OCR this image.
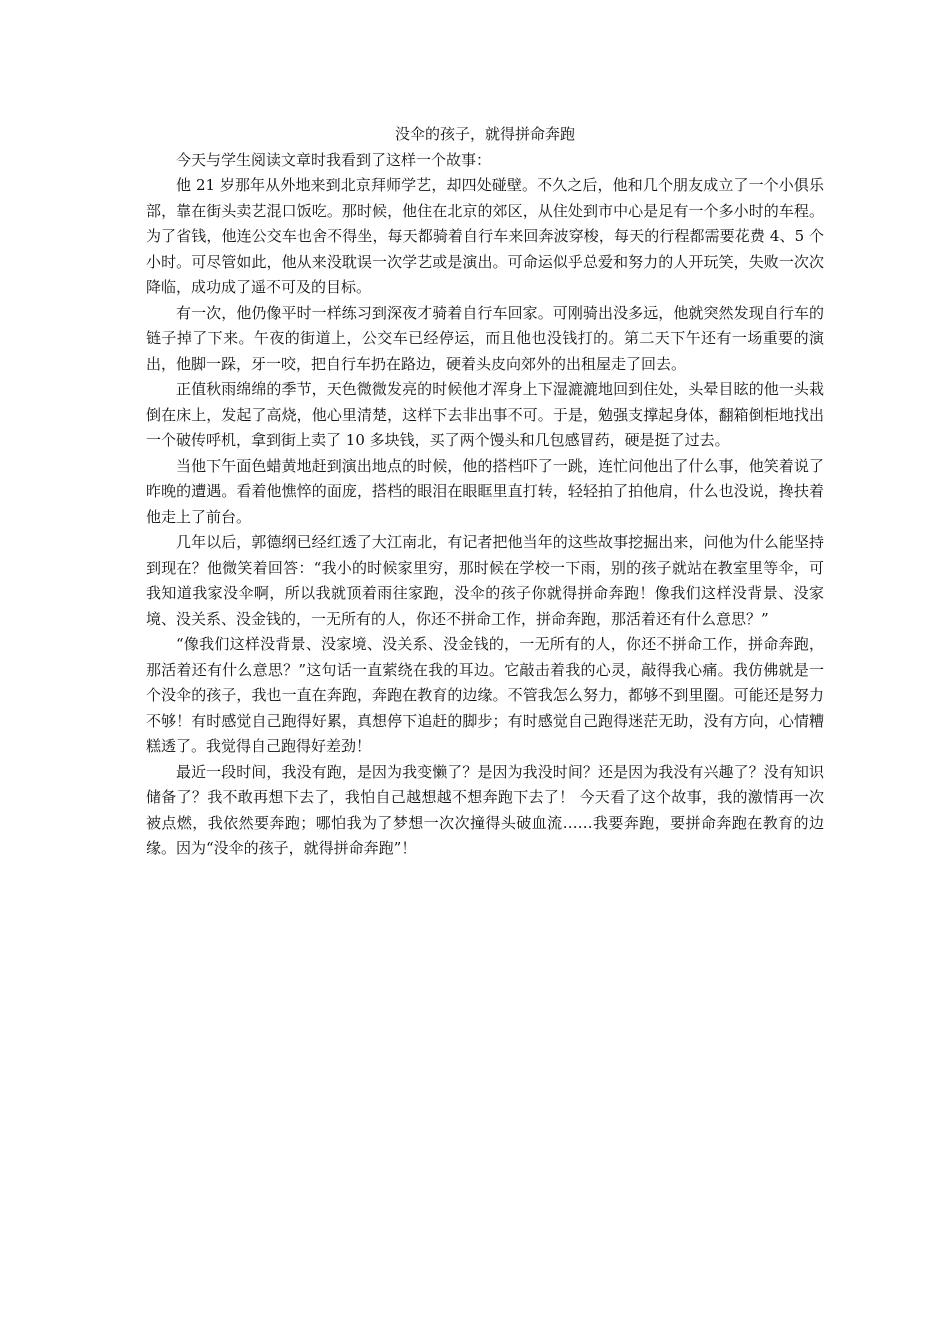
没伞的孩子，就得拼命奔跑

今天与学生阅读文章时我看到了这样一个故事：

他 21 岁那年从外地来到北京拜师学艺，却四处碰壁。不久之后，他和几个朋友成立了一个小俱乐部，靠在街头卖艺混口饭吃。那时候，他住在北京的郊区，从住处到市中心是足有一个多小时的车程。为了省钱，他连公交车也舍不得坐，每天都骑着自行车来回奔波穿梭，每天的行程都需要花费 4、5 个小时。可尽管如此，他从来没耽误一次学艺或是演出。可命运似乎总爱和努力的人开玩笑，失败一次次降临，成功成了遥不可及的目标。

有一次，他仍像平时一样练习到深夜才骑着自行车回家。可刚骑出没多远，他就突然发现自行车的链子掉了下来。午夜的街道上，公交车已经停运，而且他也没钱打的。第二天下午还有一场重要的演出，他脚一跺，牙一咬，把自行车扔在路边，硬着头皮向郊外的出租屋走了回去。

正值秋雨绵绵的季节，天色微微发亮的时候他才浑身上下湿漉漉地回到住处，头晕目眩的他一头栽倒在床上，发起了高烧，他心里清楚，这样下去非出事不可。于是，勉强支撑起身体，翻箱倒柜地找出一个破传呼机，拿到街上卖了 10 多块钱，买了两个馒头和几包感冒药，硬是挺了过去。

当他下午面色蜡黄地赶到演出地点的时候，他的搭档吓了一跳，连忙问他出了什么事，他笑着说了昨晚的遭遇。看着他憔悴的面庞，搭档的眼泪在眼眶里直打转，轻轻拍了拍他肩，什么也没说，搀扶着他走上了前台。

几年以后，郭德纲已经红透了大江南北，有记者把他当年的这些故事挖掘出来，问他为什么能坚持到现在？他微笑着回答：“我小的时候家里穷，那时候在学校一下雨，别的孩子就站在教室里等伞，可我知道我家没伞啊，所以我就顶着雨往家跑，没伞的孩子你就得拼命奔跑！像我们这样没背景、没家境、没关系、没金钱的，一无所有的人，你还不拼命工作，拼命奔跑，那活着还有什么意思？”

“像我们这样没背景、没家境、没关系、没金钱的，一无所有的人，你还不拼命工作，拼命奔跑，那活着还有什么意思？”这句话一直萦绕在我的耳边。它敲击着我的心灵，敲得我心痛。我仿佛就是一个没伞的孩子，我也一直在奔跑，奔跑在教育的边缘。不管我怎么努力，都够不到里圈。可能还是努力不够！有时感觉自己跑得好累，真想停下追赶的脚步；有时感觉自己跑得迷茫无助，没有方向，心情糟糕透了。我觉得自己跑得好差劲！

最近一段时间，我没有跑，是因为我变懒了？是因为我没时间？还是因为我没有兴趣了？没有知识储备了？我不敢再想下去了，我怕自己越想越不想奔跑下去了！ 今天看了这个故事，我的激情再一次被点燃，我依然要奔跑；哪怕我为了梦想一次次撞得头破血流……我要奔跑，要拼命奔跑在教育的边缘。因为“没伞的孩子，就得拼命奔跑”！
